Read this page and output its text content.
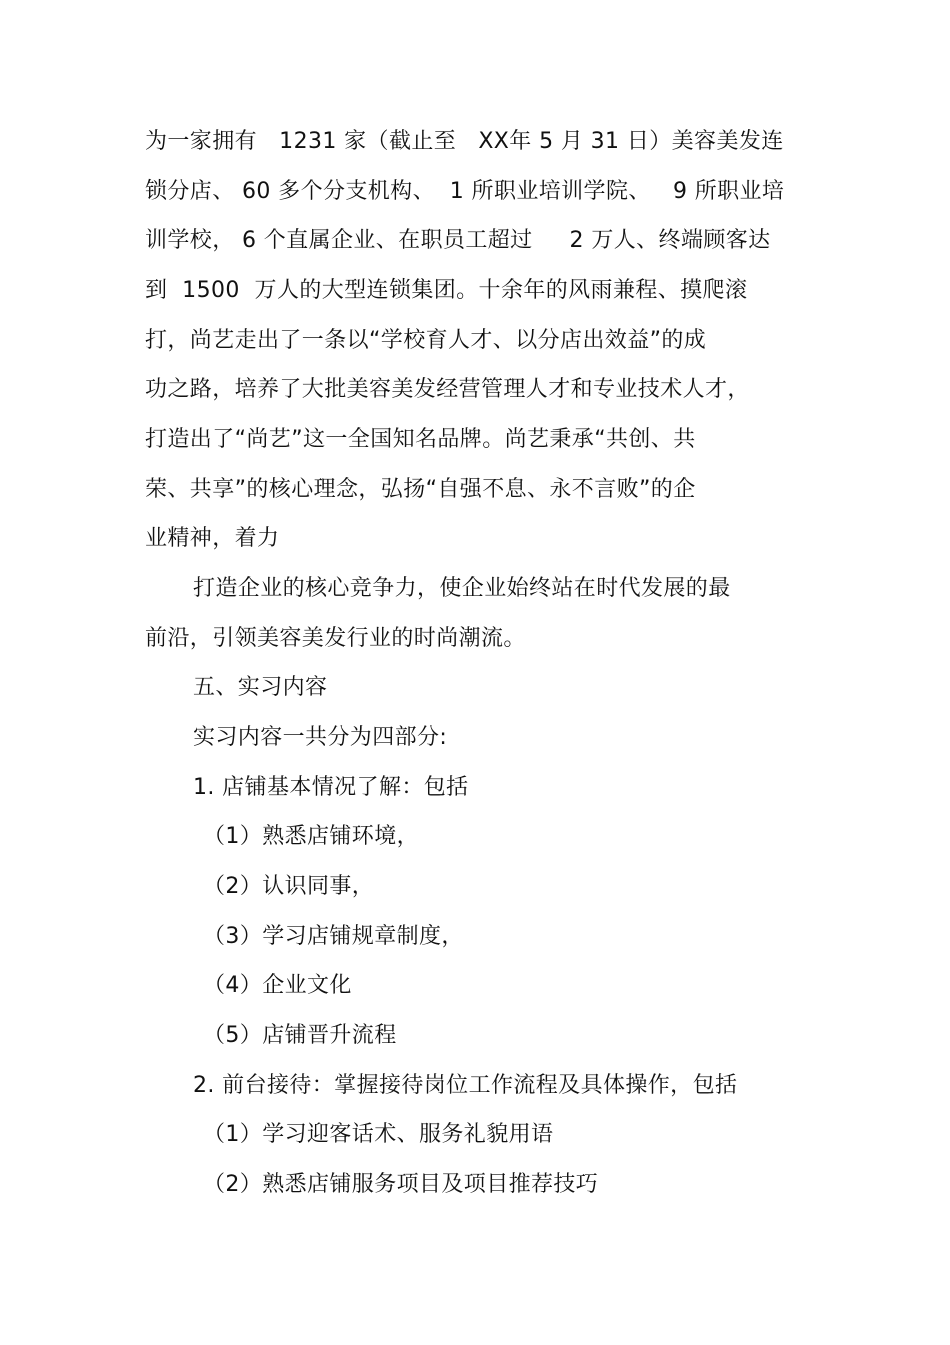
为一家拥有   1231 家（截止至   XX年 5 月 31 日）美容美发连
锁分店、 60 多个分支机构、  1 所职业培训学院、   9 所职业培
训学校， 6 个直属企业、在职员工超过     2 万人、终端顾客达
到  1500  万人的大型连锁集团。十余年的风雨兼程、摸爬滚
打，尚艺走出了一条以“学校育人才、以分店出效益”的成
功之路，培养了大批美容美发经营管理人才和专业技术人才，
打造出了“尚艺”这一全国知名品牌。尚艺秉承“共创、共
荣、共享”的核心理念，弘扬“自强不息、永不言败”的企
业精神，着力
打造企业的核心竞争力，使企业始终站在时代发展的最
前沿，引领美容美发行业的时尚潮流。
五、实习内容
实习内容一共分为四部分:
1. 店铺基本情况了解：包括
（1）熟悉店铺环境，
（2）认识同事，
（3）学习店铺规章制度，
（4）企业文化
（5）店铺晋升流程
2. 前台接待：掌握接待岗位工作流程及具体操作，包括
（1）学习迎客话术、服务礼貌用语
（2）熟悉店铺服务项目及项目推荐技巧
